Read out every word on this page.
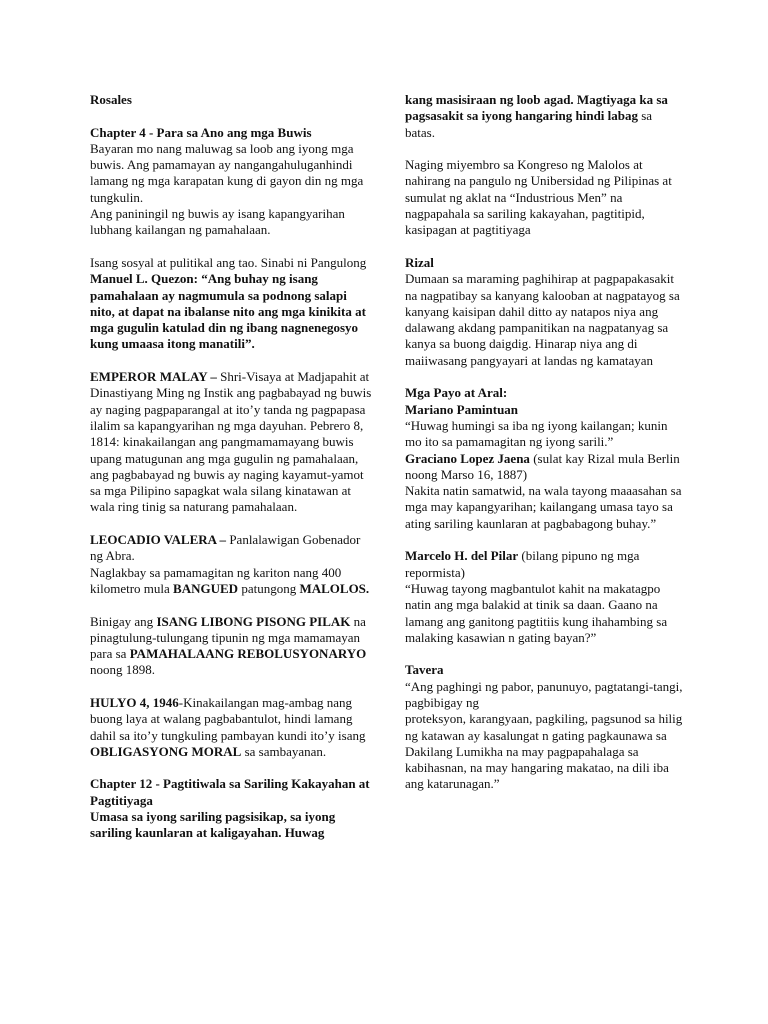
Rosales

Chapter 4 - Para sa Ano ang mga Buwis
Bayaran mo nang maluwag sa loob ang iyong mga buwis. Ang pamamayan ay nangangahuluganhindi lamang ng mga karapatan kung di gayon din ng mga tungkulin.

Ang paniningil ng buwis ay isang kapangyarihan lubhang kailangan ng pamahalaan.

Isang sosyal at pulitikal ang tao. Sinabi ni Pangulong Manuel L. Quezon: “Ang buhay ng isang pamahalaan ay nagmumula sa podnong salapi nito, at dapat na ibalanse nito ang mga kinikita at mga gugulin katulad din ng ibang nagnenegosyo kung umaasa itong manatili”.

EMPEROR MALAY – Shri-Visaya at Madjapahit at Dinastiyang Ming ng Instik ang pagbabayad ng buwis ay naging pagpaparangal at ito’y tanda ng pagpapasa ilalim sa kapangyarihan ng mga dayuhan. Pebrero 8, 1814: kinakailangan ang pangmamamayang buwis upang matugunan ang mga gugulin ng pamahalaan, ang pagbabayad ng buwis ay naging kayamut-yamot sa mga Pilipino sapagkat wala silang kinatawan at wala ring tinig sa naturang pamahalaan.

LEOCADIO VALERA – Panlalawigan Gobenador ng Abra.

Naglakbay sa pamamagitan ng kariton nang 400 kilometro mula BANGUED patungong MALOLOS.

Binigay ang ISANG LIBONG PISONG PILAK na pinagtulung-tulungang tipunin ng mga mamamayan para sa PAMAHALAANG REBOLUSYONARYO noong 1898.

HULYO 4, 1946-Kinakailangan mag-ambag nang buong laya at walang pagbabantulot, hindi lamang dahil sa ito’y tungkuling pambayan kundi ito’y isang OBLIGASYONG MORAL sa sambayanan.

Chapter 12 - Pagtitiwala sa Sariling Kakayahan at Pagtitiyaga
Umasa sa iyong sariling pagsisikap, sa iyong sariling kaunlaran at kaligayahan. Huwag

kang masisiraan ng loob agad. Magtiyaga ka sa pagsasakit sa iyong hangaring hindi labag sa batas.

Naging miyembro sa Kongreso ng Malolos at nahirang na pangulo ng Unibersidad ng Pilipinas at sumulat ng aklat na “Industrious Men” na nagpapahala sa sariling kakayahan, pagtitipid, kasipagan at pagtitiyaga

Rizal

Dumaan sa maraming paghihirap at pagpapakasakit na nagpatibay sa kanyang kalooban at nagpatayog sa kanyang kaisipan dahil ditto ay natapos niya ang dalawang akdang pampanitikan na nagpatanyag sa kanya sa buong daigdig. Hinarap niya ang di maiiwasang pangyayari at landas ng kamatayan

Mga Payo at Aral:
Mariano Pamintuan
“Huwag humingi sa iba ng iyong kailangan; kunin mo ito sa pamamagitan ng iyong sarili.”
Graciano Lopez Jaena (sulat kay Rizal mula Berlin noong Marso 16, 1887)

Nakita natin samatwid, na wala tayong maaasahan sa mga may kapangyarihan; kailangang umasa tayo sa ating sariling kaunlaran at pagbabagong buhay.”

Marcelo H. del Pilar (bilang pipuno ng mga repormista)

“Huwag tayong magbantulot kahit na makatagpo natin ang mga balakid at tinik sa daan. Gaano na lamang ang ganitong pagtitiis kung ihahambing sa malaking kasawian n gating bayan?”

Tavera
“Ang paghingi ng pabor, panunuyo, pagtatangi-tangi, pagbibigay ng
proteksyon, karangyaan, pagkiling, pagsunod sa hilig ng katawan ay kasalungat n gating pagkaunawa sa Dakilang Lumikha na may pagpapahalaga sa kabihasnan, na may hangaring makatao, na dili iba ang katarunagan.”
